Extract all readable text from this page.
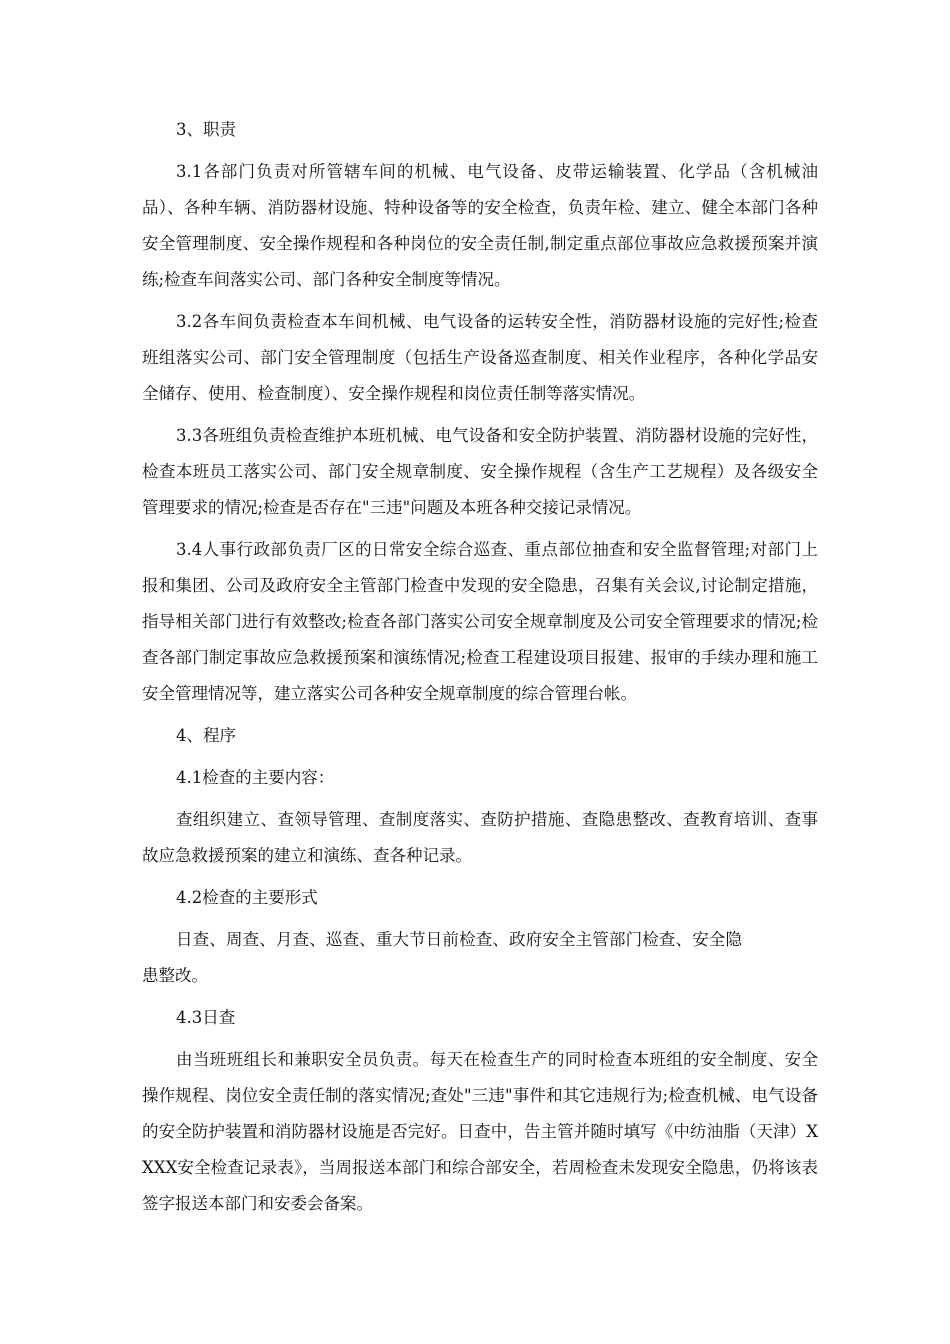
3、职责

3.1各部门负责对所管辖车间的机械、电气设备、皮带运输装置、化学品（含机械油品）、各种车辆、消防器材设施、特种设备等的安全检查，负责年检、建立、健全本部门各种安全管理制度、安全操作规程和各种岗位的安全责任制,制定重点部位事故应急救援预案并演练;检查车间落实公司、部门各种安全制度等情况。

3.2各车间负责检查本车间机械、电气设备的运转安全性，消防器材设施的完好性;检查班组落实公司、部门安全管理制度（包括生产设备巡查制度、相关作业程序，各种化学品安全储存、使用、检查制度）、安全操作规程和岗位责任制等落实情况。

3.3各班组负责检查维护本班机械、电气设备和安全防护装置、消防器材设施的完好性，检查本班员工落实公司、部门安全规章制度、安全操作规程（含生产工艺规程）及各级安全管理要求的情况;检查是否存在"三违"问题及本班各种交接记录情况。

3.4人事行政部负责厂区的日常安全综合巡查、重点部位抽查和安全监督管理;对部门上报和集团、公司及政府安全主管部门检查中发现的安全隐患，召集有关会议,讨论制定措施，指导相关部门进行有效整改;检查各部门落实公司安全规章制度及公司安全管理要求的情况;检查各部门制定事故应急救援预案和演练情况;检查工程建设项目报建、报审的手续办理和施工安全管理情况等，建立落实公司各种安全规章制度的综合管理台帐。

4、程序

4.1检查的主要内容：

查组织建立、查领导管理、查制度落实、查防护措施、查隐患整改、查教育培训、查事故应急救援预案的建立和演练、查各种记录。

4.2检查的主要形式

日查、周查、月查、巡查、重大节日前检查、政府安全主管部门检查、安全隐患整改。

4.3日查

由当班班组长和兼职安全员负责。每天在检查生产的同时检查本班组的安全制度、安全操作规程、岗位安全责任制的落实情况;查处"三违"事件和其它违规行为;检查机械、电气设备的安全防护装置和消防器材设施是否完好。日查中，告主管并随时填写《中纺油脂（天津）XXXX安全检查记录表》，当周报送本部门和综合部安全，若周检查未发现安全隐患，仍将该表签字报送本部门和安委会备案。
